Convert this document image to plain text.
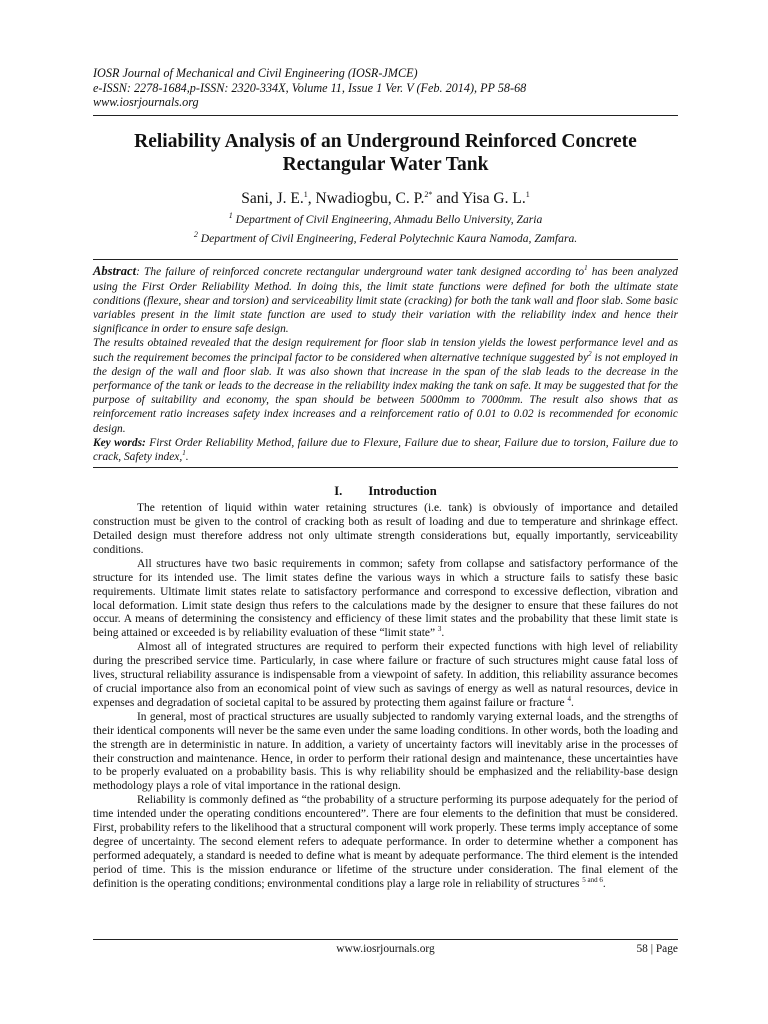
IOSR Journal of Mechanical and Civil Engineering (IOSR-JMCE)
e-ISSN: 2278-1684,p-ISSN: 2320-334X, Volume 11, Issue 1 Ver. V (Feb. 2014), PP 58-68
www.iosrjournals.org
Reliability Analysis of an Underground Reinforced Concrete
Rectangular Water Tank
Sani, J. E.$^1$, Nwadiogbu, C. P.$^{2*}$ and Yisa G. L.$^1$
$^1$ Department of Civil Engineering, Ahmadu Bello University, Zaria
$^2$ Department of Civil Engineering, Federal Polytechnic Kaura Namoda, Zamfara.

Abstract: The failure of reinforced concrete rectangular underground water tank designed according $to^1$ has been analyzed using the First Order Reliability Method. In doing this, the limit state functions were defined for both the ultimate state conditions (flexure, shear and torsion) and serviceability limit state (cracking) for both the tank wall and floor slab. Some basic variables present in the limit state function are used to study their variation with the reliability index and hence their significance in order to ensure safe design.

The results obtained revealed that the design requirement for floor slab in tension yields the lowest performance level and as such the requirement becomes the principal factor to be considered when alternative technique suggested $by^2$ is not employed in the design of the wall and floor slab. It was also shown that increase in the span of the slab leads to the decrease in the performance of the tank or leads to the decrease in the reliability index making the tank on safe. It may be suggested that for the purpose of suitability and economy, the span should be between 5000mm to 7000mm. The result also shows that as reinforcement ratio increases safety index increases and a reinforcement ratio of 0.01 to 0.02 is recommended for economic design.

Key words: First Order Reliability Method, failure due to Flexure, Failure due to shear, Failure due to torsion, Failure due to crack, Safety index,$^1$.

I. Introduction

The retention of liquid within water retaining structures (i.e. tank) is obviously of importance and detailed construction must be given to the control of cracking both as result of loading and due to temperature and shrinkage effect. Detailed design must therefore address not only ultimate strength considerations but, equally importantly, serviceability conditions.

All structures have two basic requirements in common; safety from collapse and satisfactory performance of the structure for its intended use. The limit states define the various ways in which a structure fails to satisfy these basic requirements. Ultimate limit states relate to satisfactory performance and correspond to excessive deflection, vibration and local deformation. Limit state design thus refers to the calculations made by the designer to ensure that these failures do not occur. A means of determining the consistency and efficiency of these limit states and the probability that these limit state is being attained or exceeded is by reliability evaluation of these “limit state” $^3$.

Almost all of integrated structures are required to perform their expected functions with high level of reliability during the prescribed service time. Particularly, in case where failure or fracture of such structures might cause fatal loss of lives, structural reliability assurance is indispensable from a viewpoint of safety. In addition, this reliability assurance becomes of crucial importance also from an economical point of view such as savings of energy as well as natural resources, device in expenses and degradation of societal capital to be assured by protecting them against failure or fracture $^4$.

In general, most of practical structures are usually subjected to randomly varying external loads, and the strengths of their identical components will never be the same even under the same loading conditions. In other words, both the loading and the strength are in deterministic in nature. In addition, a variety of uncertainty factors will inevitably arise in the processes of their construction and maintenance. Hence, in order to perform their rational design and maintenance, these uncertainties have to be properly evaluated on a probability basis. This is why reliability should be emphasized and the reliability-base design methodology plays a role of vital importance in the rational design.

Reliability is commonly defined as “the probability of a structure performing its purpose adequately for the period of time intended under the operating conditions encountered”. There are four elements to the definition that must be considered. First, probability refers to the likelihood that a structural component will work properly. These terms imply acceptance of some degree of uncertainty. The second element refers to adequate performance. In order to determine whether a component has performed adequately, a standard is needed to define what is meant by adequate performance. The third element is the intended period of time. This is the mission endurance or lifetime of the structure under consideration. The final element of the definition is the operating conditions; environmental conditions play a large role in reliability of structures $^{5 and 6}$.

www.iosrjournals.org	58 | Page
